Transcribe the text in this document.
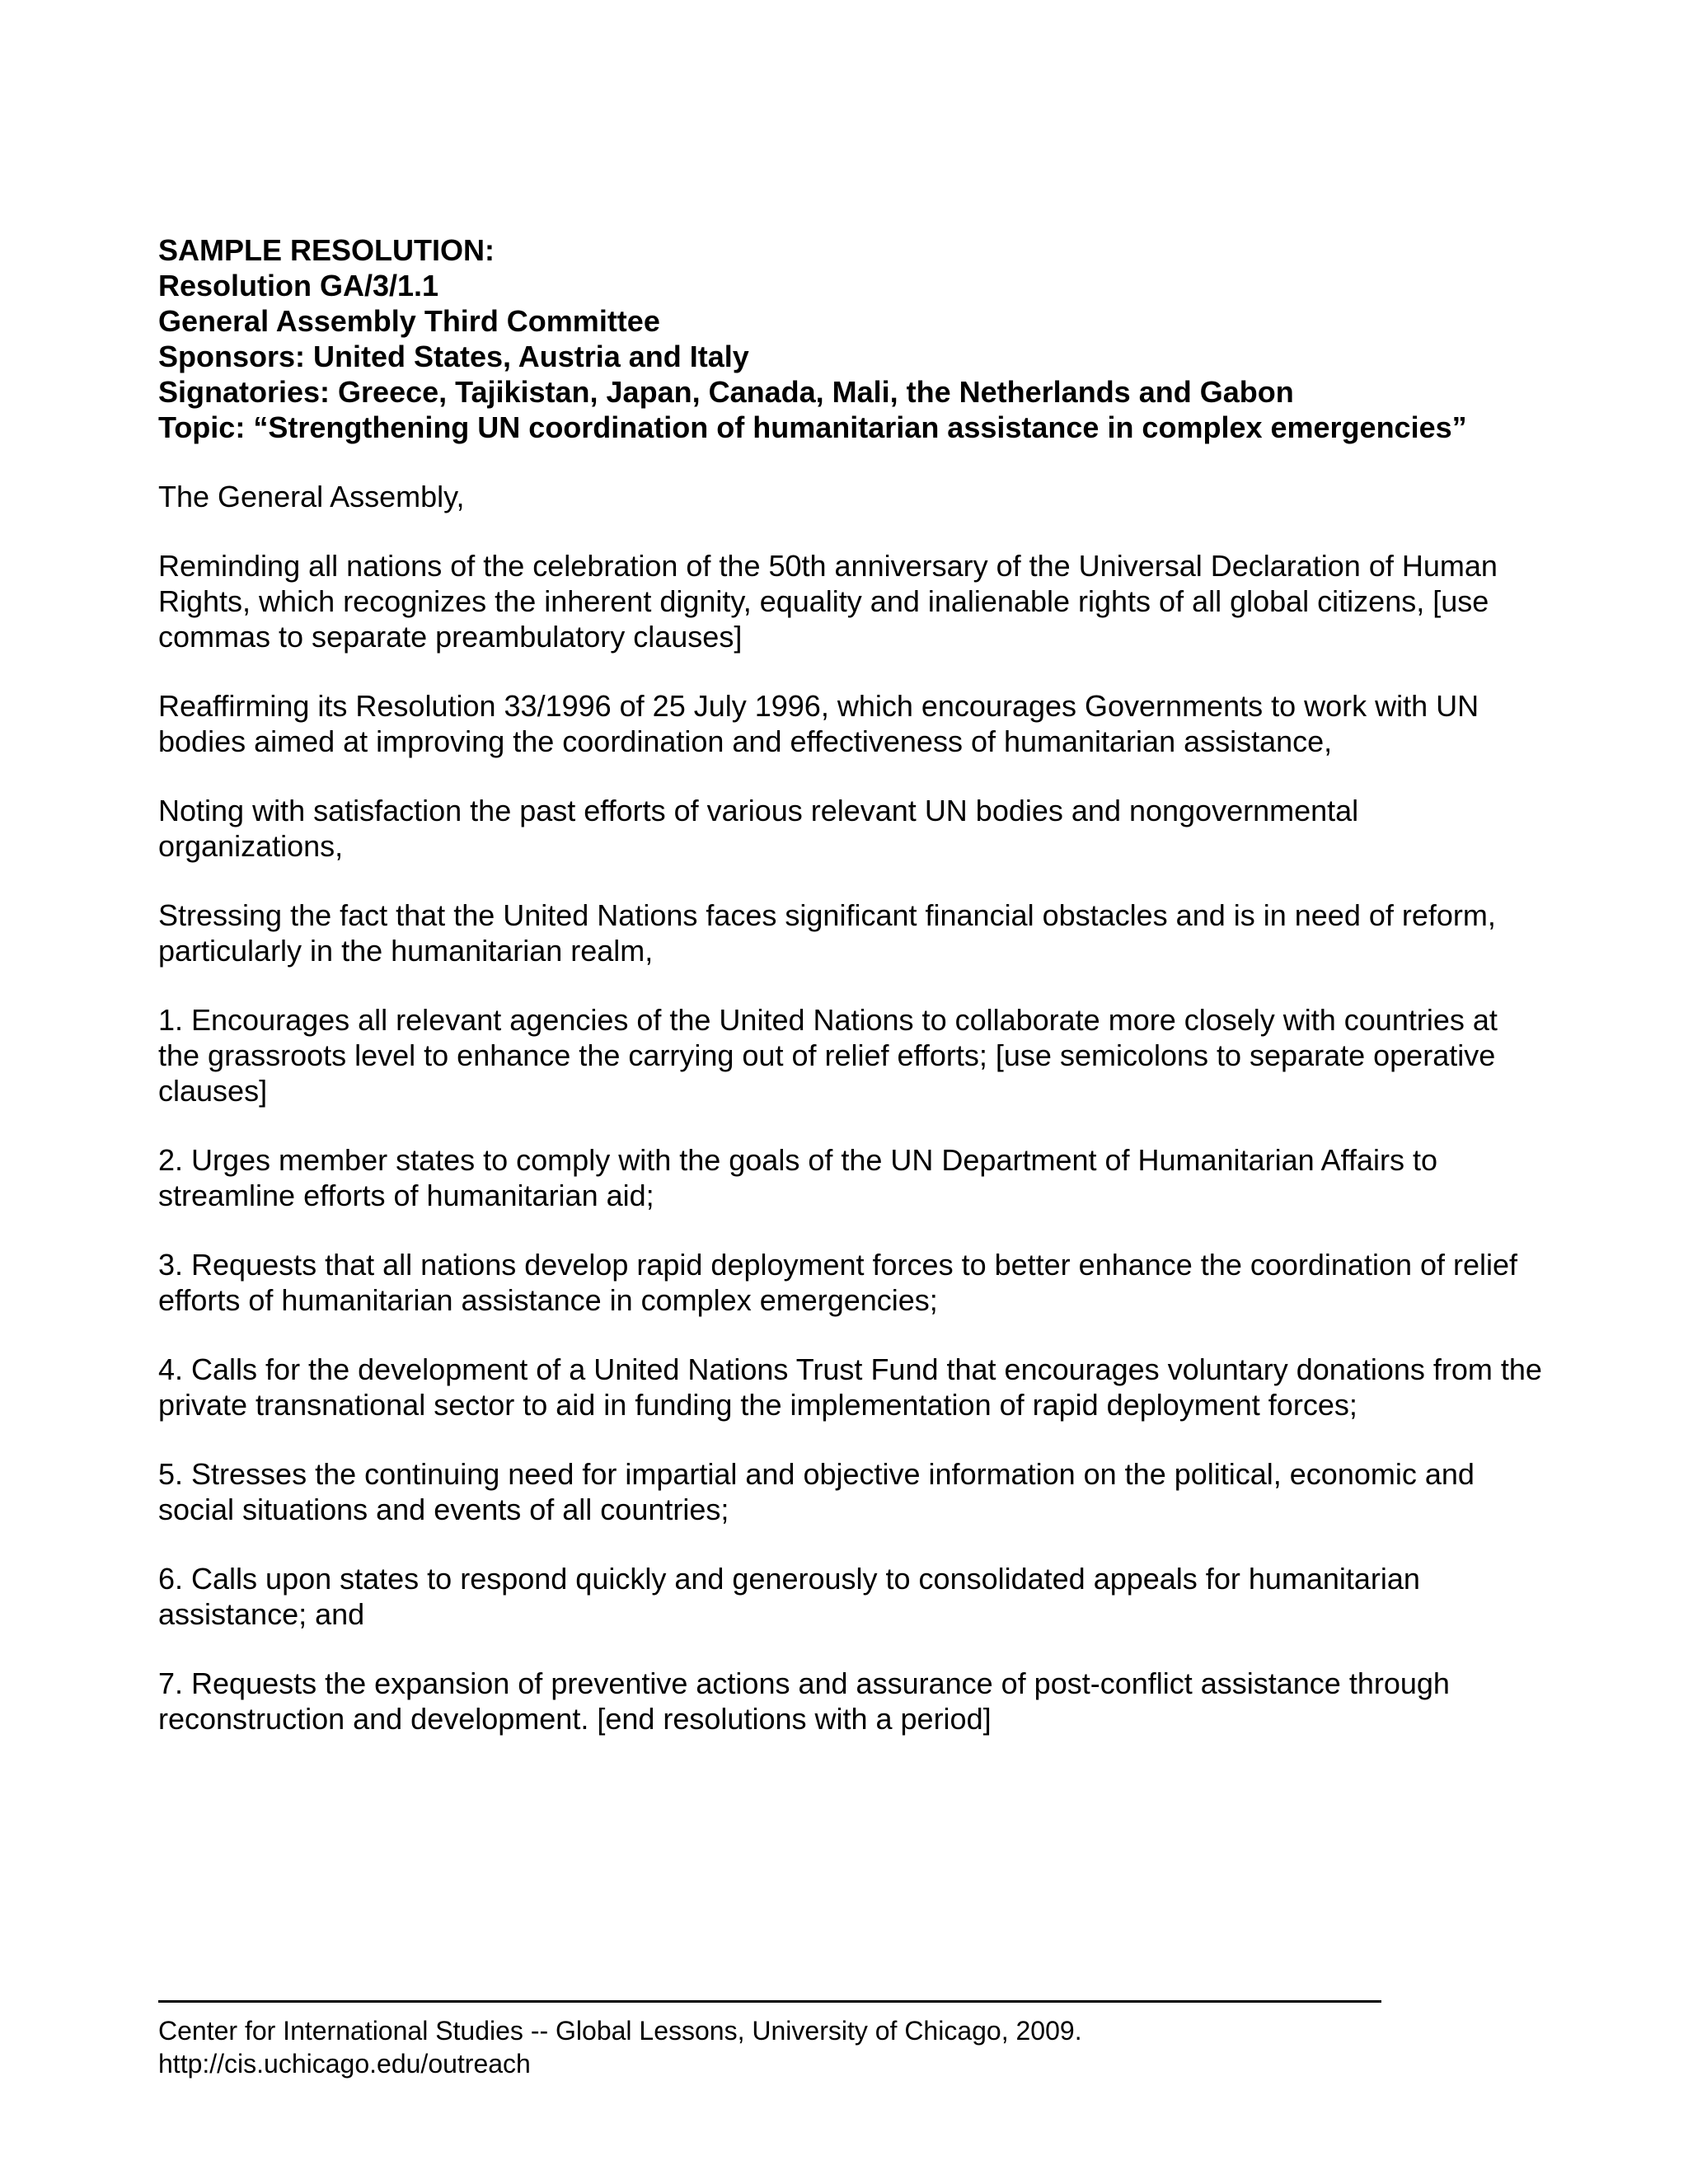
SAMPLE RESOLUTION:
Resolution GA/3/1.1
General Assembly Third Committee
Sponsors: United States, Austria and Italy
Signatories: Greece, Tajikistan, Japan, Canada, Mali, the Netherlands and Gabon
Topic: “Strengthening UN coordination of humanitarian assistance in complex emergencies”

The General Assembly,

Reminding all nations of the celebration of the 50th anniversary of the Universal Declaration of Human Rights, which recognizes the inherent dignity, equality and inalienable rights of all global citizens, [use commas to separate preambulatory clauses]

Reaffirming its Resolution 33/1996 of 25 July 1996, which encourages Governments to work with UN bodies aimed at improving the coordination and effectiveness of humanitarian assistance,

Noting with satisfaction the past efforts of various relevant UN bodies and nongovernmental organizations,

Stressing the fact that the United Nations faces significant financial obstacles and is in need of reform, particularly in the humanitarian realm,

1. Encourages all relevant agencies of the United Nations to collaborate more closely with countries at the grassroots level to enhance the carrying out of relief efforts; [use semicolons to separate operative clauses]

2. Urges member states to comply with the goals of the UN Department of Humanitarian Affairs to streamline efforts of humanitarian aid;

3. Requests that all nations develop rapid deployment forces to better enhance the coordination of relief efforts of humanitarian assistance in complex emergencies;

4. Calls for the development of a United Nations Trust Fund that encourages voluntary donations from the private transnational sector to aid in funding the implementation of rapid deployment forces;

5. Stresses the continuing need for impartial and objective information on the political, economic and social situations and events of all countries;

6. Calls upon states to respond quickly and generously to consolidated appeals for humanitarian assistance; and

7. Requests the expansion of preventive actions and assurance of post-conflict assistance through reconstruction and development. [end resolutions with a period]

Center for International Studies -- Global Lessons, University of Chicago, 2009.
http://cis.uchicago.edu/outreach
